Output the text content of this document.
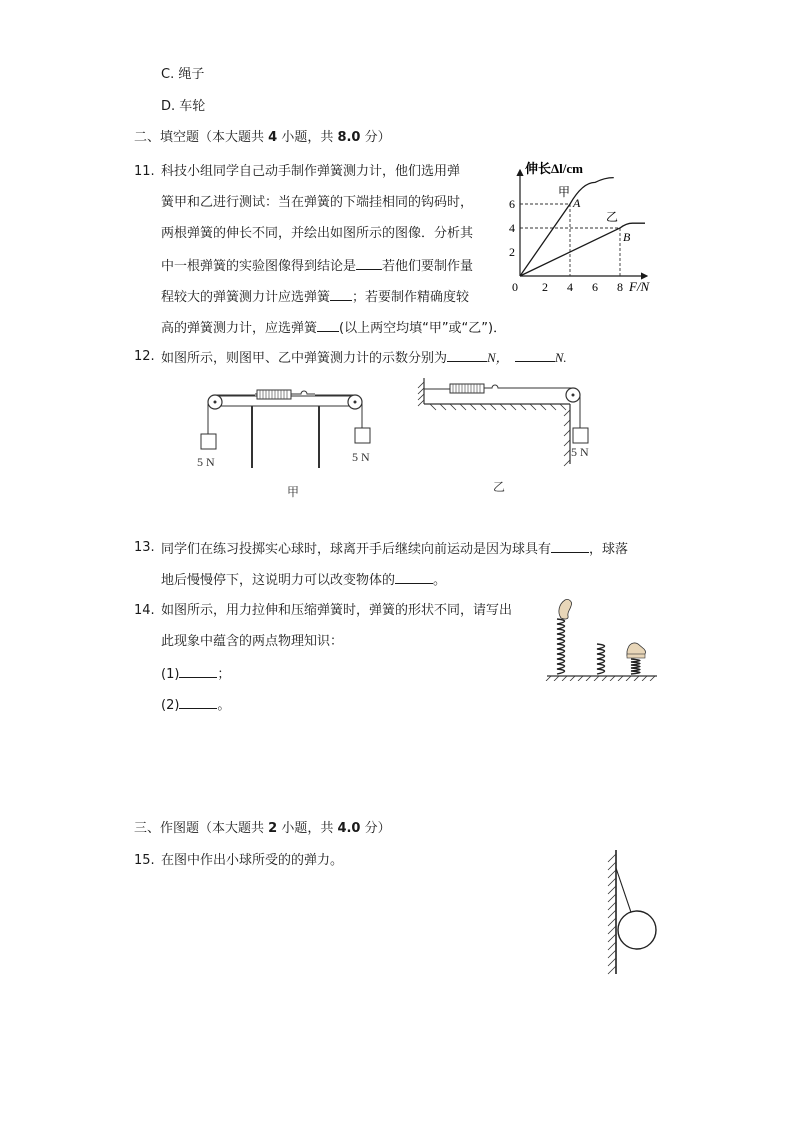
C. 绳子
D. 车轮
二、填空题（本大题共 4 小题，共 8.0 分）
11. 科技小组同学自己动手制作弹簧测力计，他们选用弹
簧甲和乙进行测试：当在弹簧的下端挂相同的钩码时，
两根弹簧的伸长不同，并绘出如图所示的图像．分析其
中一根弹簧的实验图像得到结论是 若他们要制作量
程较大的弹簧测力计应选弹簧 ；若要制作精确度较
高的弹簧测力计，应选弹簧 (以上两空均填“甲”或“乙”)．
A
B
甲
乙
0 2 4 6 8
2
4
6
伸长Δl/cm
F/N
12. 如图所示，则图甲、乙中弹簧测力计的示数分别为	N，	N.
5 N	5 N
甲
5 N
乙
13. 同学们在练习投掷实心球时，球离开手后继续向前运动是因为球具有	，球落
地后慢慢停下，这说明力可以改变物体的	。
14. 如图所示，用力拉伸和压缩弹簧时，弹簧的形状不同，请写出
此现象中蕴含的两点物理知识：
(1)	；
(2)	。
三、作图题（本大题共 2 小题，共 4.0 分）
15. 在图中作出小球所受的的弹力。
